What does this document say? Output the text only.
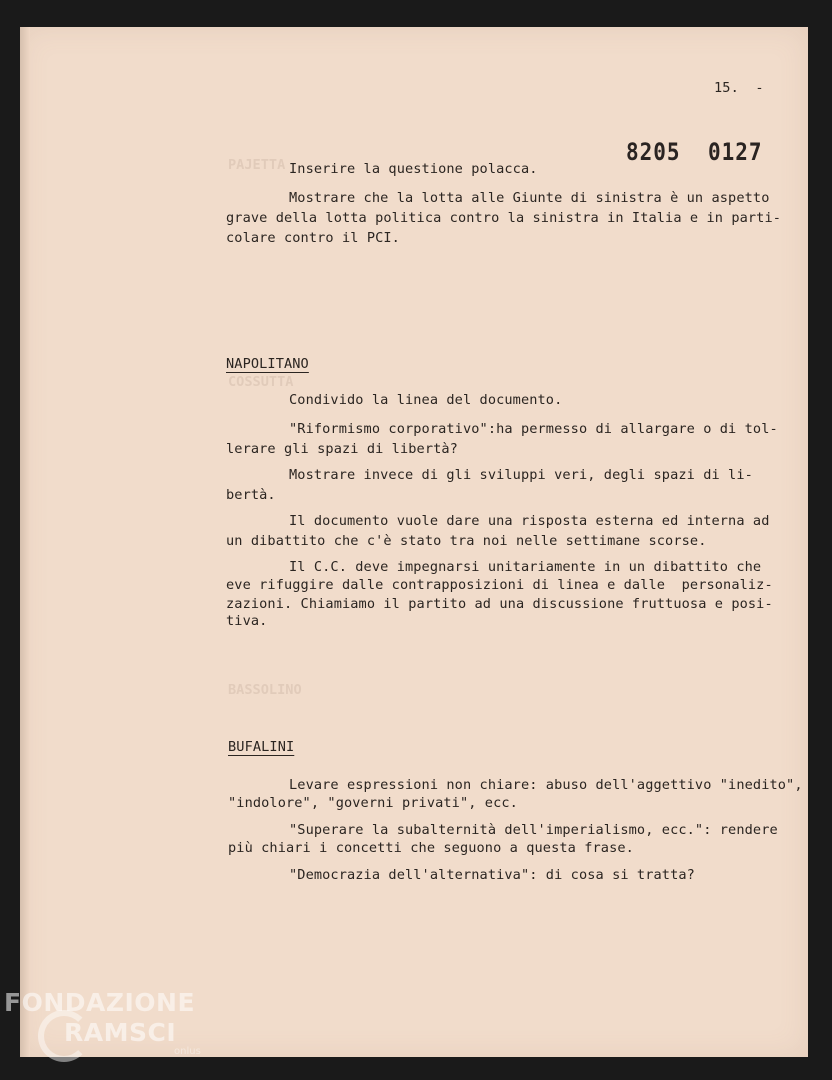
PAJETTA
COSSUTTA
BASSOLINO
15.  -
8205 0127
Inserire la questione polacca.
Mostrare che la lotta alle Giunte di sinistra è un aspetto
grave della lotta politica contro la sinistra in Italia e in parti-
colare contro il PCI.
NAPOLITANO
Condivido la linea del documento.
"Riformismo corporativo":ha permesso di allargare o di tol-
lerare gli spazi di libertà?
Mostrare invece di gli sviluppi veri, degli spazi di li-
bertà.
Il documento vuole dare una risposta esterna ed interna ad
un dibattito che c'è stato tra noi nelle settimane scorse.
Il C.C. deve impegnarsi unitariamente in un dibattito che
eve rifuggire dalle contrapposizioni di linea e dalle  personaliz-
zazioni. Chiamiamo il partito ad una discussione fruttuosa e posi-
tiva.
BUFALINI
Levare espressioni non chiare: abuso dell'aggettivo "inedito",
"indolore", "governi privati", ecc.
"Superare la subalternità dell'imperialismo, ecc.": rendere
più chiari i concetti che seguono a questa frase.
"Democrazia dell'alternativa": di cosa si tratta?
FONDAZIONE
RAMSCI
onlus
